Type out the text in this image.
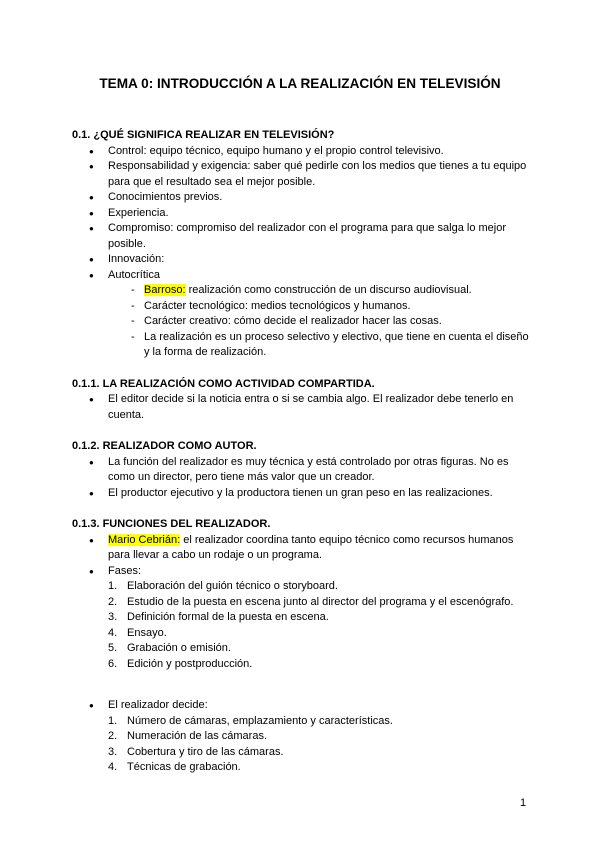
TEMA 0: INTRODUCCIÓN A LA REALIZACIÓN EN TELEVISIÓN
0.1. ¿QUÉ SIGNIFICA REALIZAR EN TELEVISIÓN?
● Control: equipo técnico, equipo humano y el propio control televisivo.
● Responsabilidad y exigencia: saber qué pedirle con los medios que tienes a tu equipo para que el resultado sea el mejor posible.
● Conocimientos previos.
● Experiencia.
● Compromiso: compromiso del realizador con el programa para que salga lo mejor posible.
● Innovación:
● Autocrítica
- Barroso: realización como construcción de un discurso audiovisual.
- Carácter tecnológico: medios tecnológicos y humanos.
- Carácter creativo: cómo decide el realizador hacer las cosas.
- La realización es un proceso selectivo y electivo, que tiene en cuenta el diseño y la forma de realización.
0.1.1. LA REALIZACIÓN COMO ACTIVIDAD COMPARTIDA.
● El editor decide si la noticia entra o si se cambia algo. El realizador debe tenerlo en cuenta.
0.1.2. REALIZADOR COMO AUTOR.
● La función del realizador es muy técnica y está controlado por otras figuras. No es como un director, pero tiene más valor que un creador.
● El productor ejecutivo y la productora tienen un gran peso en las realizaciones.
0.1.3. FUNCIONES DEL REALIZADOR.
● Mario Cebrián: el realizador coordina tanto equipo técnico como recursos humanos para llevar a cabo un rodaje o un programa.
● Fases:
1. Elaboración del guión técnico o storyboard.
2. Estudio de la puesta en escena junto al director del programa y el escenógrafo.
3. Definición formal de la puesta en escena.
4. Ensayo.
5. Grabación o emisión.
6. Edición y postproducción.
● El realizador decide:
1. Número de cámaras, emplazamiento y características.
2. Numeración de las cámaras.
3. Cobertura y tiro de las cámaras.
4. Técnicas de grabación.
1
